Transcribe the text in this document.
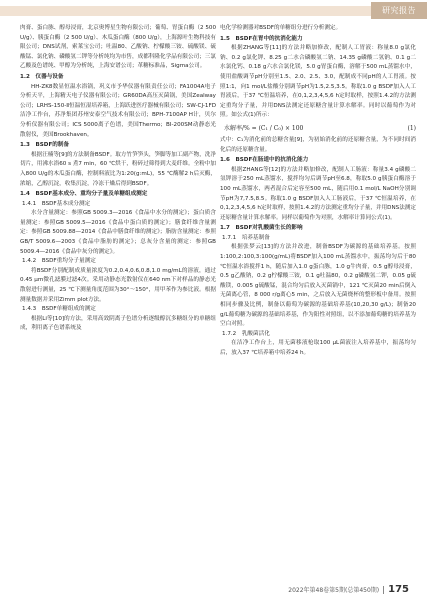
研究报告

肉膏、蛋白胨、醇母浸膏，北京奥博星生物有限公司；葡萄、胃蛋白酶（2 500 U/g）、胰蛋白酶（2 500 U/g）、木瓜蛋白酶（800 U/g），上海源叶生物科技有限公司；DNS试剂，索莱宝公司；吐温80、乙酸钠、柠檬酸三铵、硫酸镁、硫酸锰、氯化钠、磷酸氢二钾等分析纯均为市售，成都科隆化学品有限公司；三氯乙酸及色谱纯、甲醇为分析纯，上海安谱公司；革糖标准品，Sigma公司。

1.2　仪器与设备

HH-ZK8数显恒温水浴锅，巩义市予华仪器有限责任公司；FA1004A电子分析天平，上海精天电子仪器有限公司；GR60DA高压灭菌锅，美国Zealway公司；LRHS-150-Ⅱ恒温恒湿培养箱，上海跃进医疗器械有限公司；SW-CJ-1FD洁净工作台，苏净集团苏州安泰空气技术有限公司；BPH-7100AP H计，贝尔分析仪器有限公司；ICS 5000离子色谱，美国Thermo；BI-200SM动静态光散射仪，美国Brookhaven。

1.3　BSDF的制备

根据汪楠等[9]的方法制备BSDF。取方竹笋笋头，笋脚等加工副产物，洗净切片，用沸水浴60 s 煮7 min，60 ℃烘干，粉碎过筛得到大麦纤维。全粉中加入800 U/g的木瓜蛋白酶，控制料液比为1:20(g:mL)，55 ℃酶解2 h后灭酶，浓缩，乙醇沉淀，收集沉淀，冷冻干燥后得到BSDF。

1.4　BSDF基本成分、重均分子量及单糖组成测定
1.4.1　BSDF基本成分测定

水分含量测定：参照GB 5009.3—2016《食品中水分的测定》；蛋白质含量测定：参照GB 5009.5—2016《食品中蛋白质的测定》；膳食纤维含量测定：参照GB 5009.88—2014《食品中膳食纤维的测定》；脂肪含量测定：参照GB/T 5009.6—2003《食品中脂肪的测定》；总灰分含量的测定：参照GB 5009.4—2016《食品中灰分的测定》。

1.4.2　BSDF重均分子量测定

将BSDF分别配制成质量浓度为0.2,0.4,0.6,0.8,1.0 mg/mL的溶液，通过0.45 μm微孔滤膜过滤4次。采用动静态光散射仪在640 nm下对样品的静态光散射进行测量，25 ℃下测量角度范围为30°～150°，用甲苯作为参比液。根据测量数据并采用Zimm plot方法。

1.4.3　BSDF单糖组成的测定

根据Li等[10]的方法，采用高效阴离子色谱分析逐级醇沉多糖组分的单糖组成，利用离子色谱系统及

电化学检测器对BSDF的单糖组分进行分析测定。

1.5　BSDF在胃中的抗消化能力

根据ZHANG等[11]的方法并略加修改，配制人工胃液：称量8.0 g氯化钠、0.2 g氯化钾、8.25 g二水合磷酸氢二钠、14.35 g磷酸二氢钠、0.1 g二水氯化钙、0.18 g六水合氯化镁，5.0 g胃蛋白酶，溶解于500 mL蒸馏水中，使用盐酸调节pH分别至1.5、2.0、2.5、3.0，配制成不同pH的人工胃液。按照1:1，向1 mol/L盐酸分别调节pH为1.5,2.5,3.5。称取1.0 g BSDF加入人工胃液后，于37 ℃恒温培养，在0,1,2,3,4,5,6 h定时取样，按照1.4.2的方法测定重均分子量，并用DNS法测定还原糖含量计算水解率。同时以葡萄作为对照。如公式(1)所示：

水解率/% = (C₁ / C₀) × 100	(1)

式中：C₁为消化前的总糖含量[9]，为初始消化前的还原糖含量，为不同时间消化后的还原糖含量。

1.6　BSDF在肠道中的抗消化能力

根据ZHANG等[12]的方法并略加修改，配制人工肠液：称量3.4 g磷酸二氢钾溶于250 mL蒸馏水，搅拌均匀后调节pH至6.8，称取5.0 g胰蛋白酶溶于100 mL蒸馏水，两者混合后定容至500 mL，随后用0.1 mol/L NaOH分别调节pH为7,7.5,8.5。称取1.0 g BSDF加入人工肠液后，于37 ℃恒温培养，在0,1,2,3,4,5,6 h定时取样，按照1.4.2的方法测定重均分子量，并用DNS法测定还原糖含量计算水解率。同样以葡萄作为对照，水解率计算同公式(1)。

1.7　BSDF对乳酸菌生长的影响
1.7.1　培养基制备

根据张梦云[13]的方法并改进，制备BSDF为碳源的基础培养基。按照1:100,2:100,3:100(g/mL)将BSDF加入100 mL蒸馏水中，振荡均匀后于80 ℃恒温水浴搅拌1 h，随后加入1.0 g蛋白胨，1.0 g牛肉膏，0.5 g醇母浸膏，0.5 g乙酸钠，0.2 g柠檬酸三铵，0.1 g吐温80，0.2 g磷酸氢二钾，0.05 g硫酸镁，0.005 g硫酸锰，混合均匀后放入灭菌锅中，121 ℃灭菌20 min后倒入无菌离心管，8 000 r/g离心5 min，之后放入无菌烧杯的整形板中备用。按照相同步骤及比例，制备以葡萄为碳源的基础培养基(10,20,30 g/L)；制备20 g/L葡萄糖为碳源的基础培养基，作为阳性对照组，以不添加葡萄糖的培养基为空白对照。

1.7.2　乳酸菌活化

在洁净工作台上，用无菌移液枪取100 μL菌液注入培养基中，振荡均匀后，放入37 ℃培养箱中培养24 h。

2022年第48卷第5期(总第450期) 175
